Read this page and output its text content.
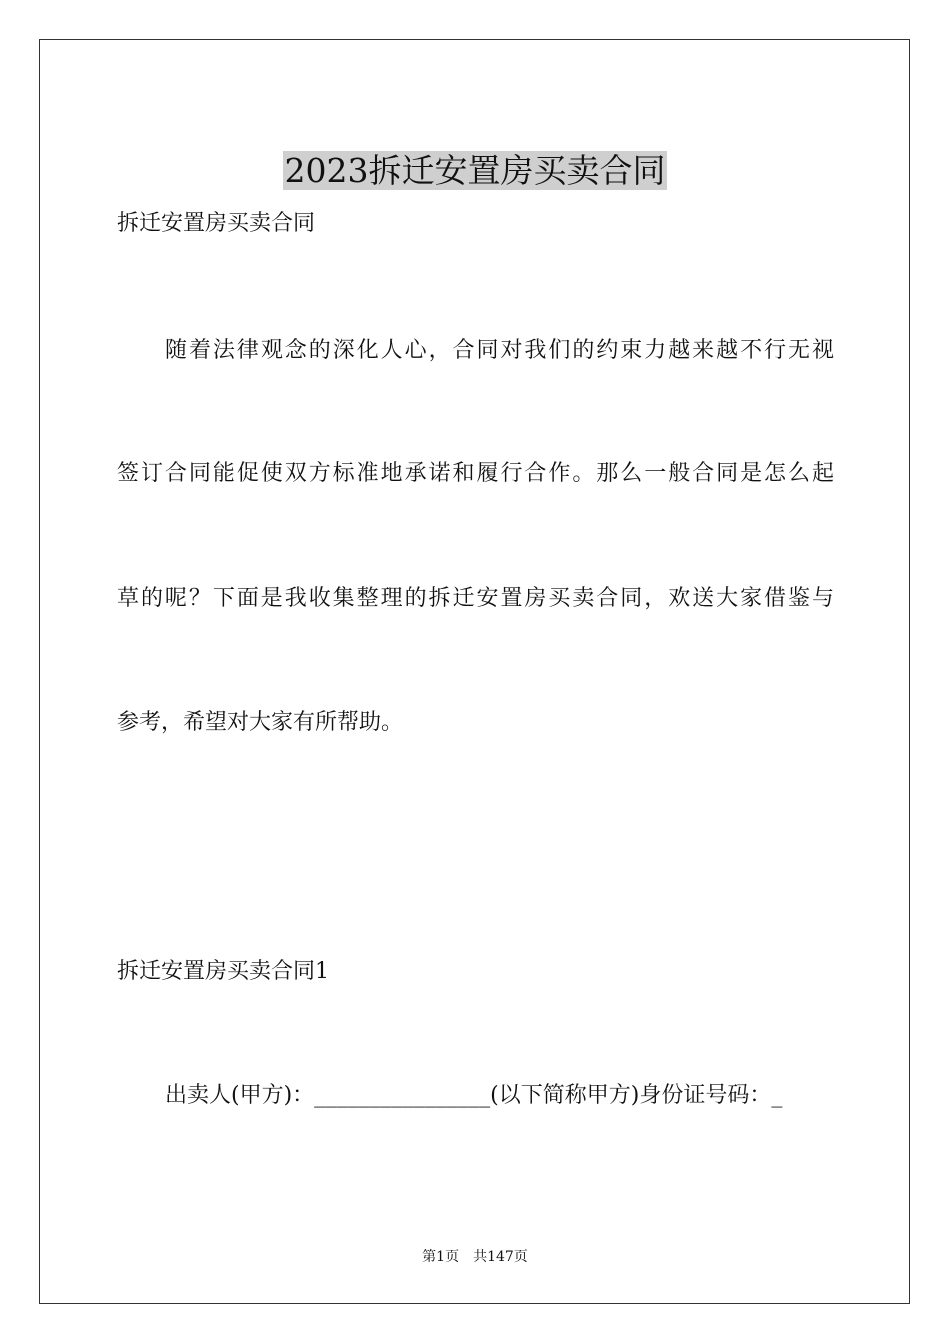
2023拆迁安置房买卖合同
拆迁安置房买卖合同
随着法律观念的深化人心，合同对我们的约束力越来越不行无视
签订合同能促使双方标准地承诺和履行合作。那么一般合同是怎么起
草的呢？下面是我收集整理的拆迁安置房买卖合同，欢送大家借鉴与
参考，希望对大家有所帮助。
拆迁安置房买卖合同1
出卖人(甲方)：________________(以下简称甲方)身份证号码：_
第1页　共147页
